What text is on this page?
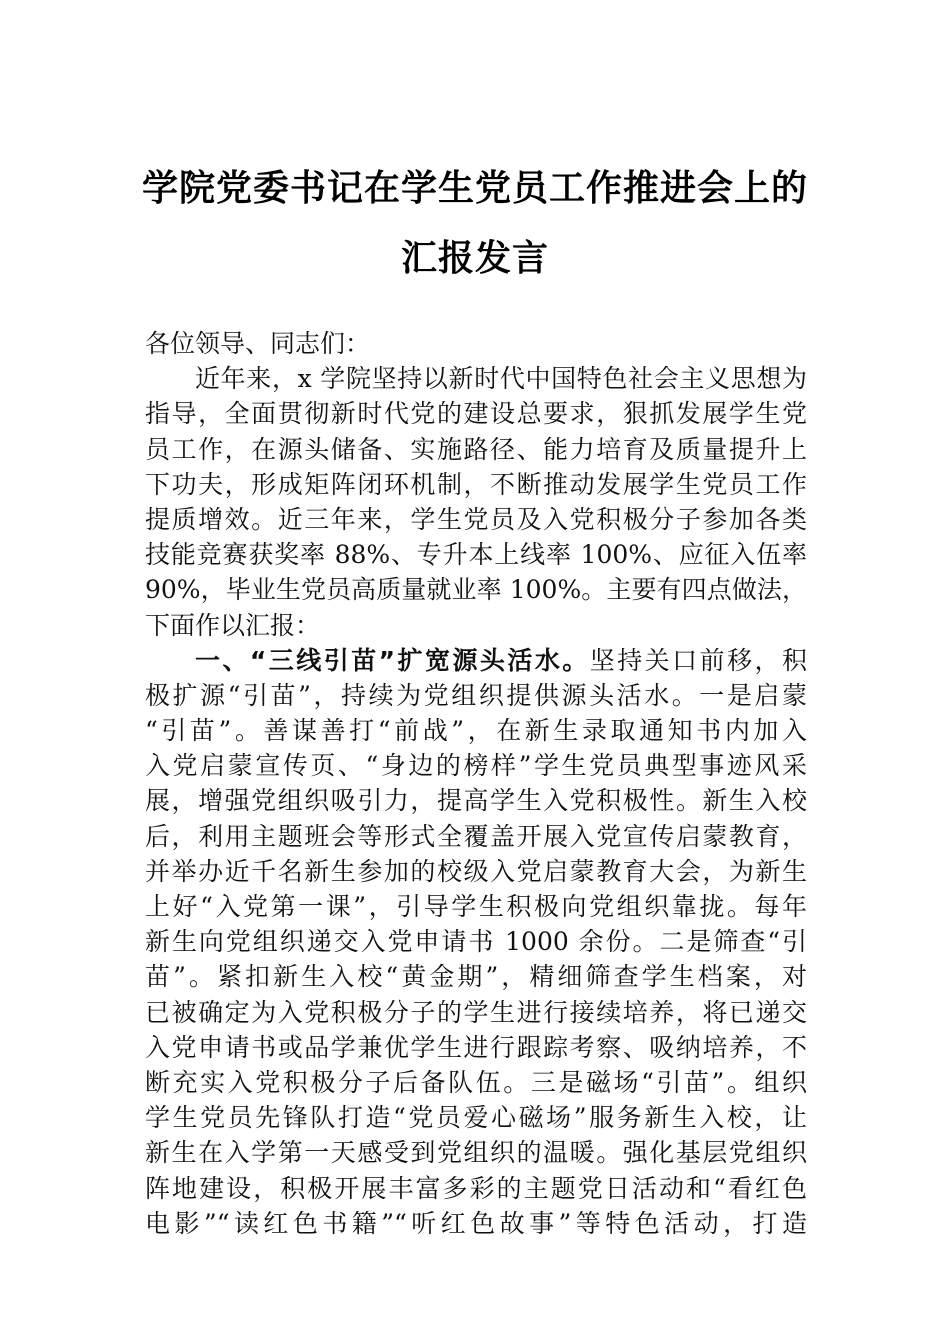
学院党委书记在学生党员工作推进会上的
汇报发言
各位领导、同志们：
近年来，x 学院坚持以新时代中国特色社会主义思想为
指导，全面贯彻新时代党的建设总要求，狠抓发展学生党
员工作，在源头储备、实施路径、能力培育及质量提升上
下功夫，形成矩阵闭环机制，不断推动发展学生党员工作
提质增效。近三年来，学生党员及入党积极分子参加各类
技能竞赛获奖率 88%、专升本上线率 100%、应征入伍率
90%，毕业生党员高质量就业率 100%。主要有四点做法，
下面作以汇报：
一、“三线引苗”扩宽源头活水。坚持关口前移，积
极扩源“引苗”，持续为党组织提供源头活水。一是启蒙
“引苗”。善谋善打“前战”，在新生录取通知书内加入
入党启蒙宣传页、“身边的榜样”学生党员典型事迹风采
展，增强党组织吸引力，提高学生入党积极性。新生入校
后，利用主题班会等形式全覆盖开展入党宣传启蒙教育，
并举办近千名新生参加的校级入党启蒙教育大会，为新生
上好“入党第一课”，引导学生积极向党组织靠拢。每年
新生向党组织递交入党申请书 1000 余份。二是筛查“引
苗”。紧扣新生入校“黄金期”，精细筛查学生档案，对
已被确定为入党积极分子的学生进行接续培养，将已递交
入党申请书或品学兼优学生进行跟踪考察、吸纳培养，不
断充实入党积极分子后备队伍。三是磁场“引苗”。组织
学生党员先锋队打造“党员爱心磁场”服务新生入校，让
新生在入学第一天感受到党组织的温暖。强化基层党组织
阵地建设，积极开展丰富多彩的主题党日活动和“看红色
电影”“读红色书籍”“听红色故事”等特色活动，打造
